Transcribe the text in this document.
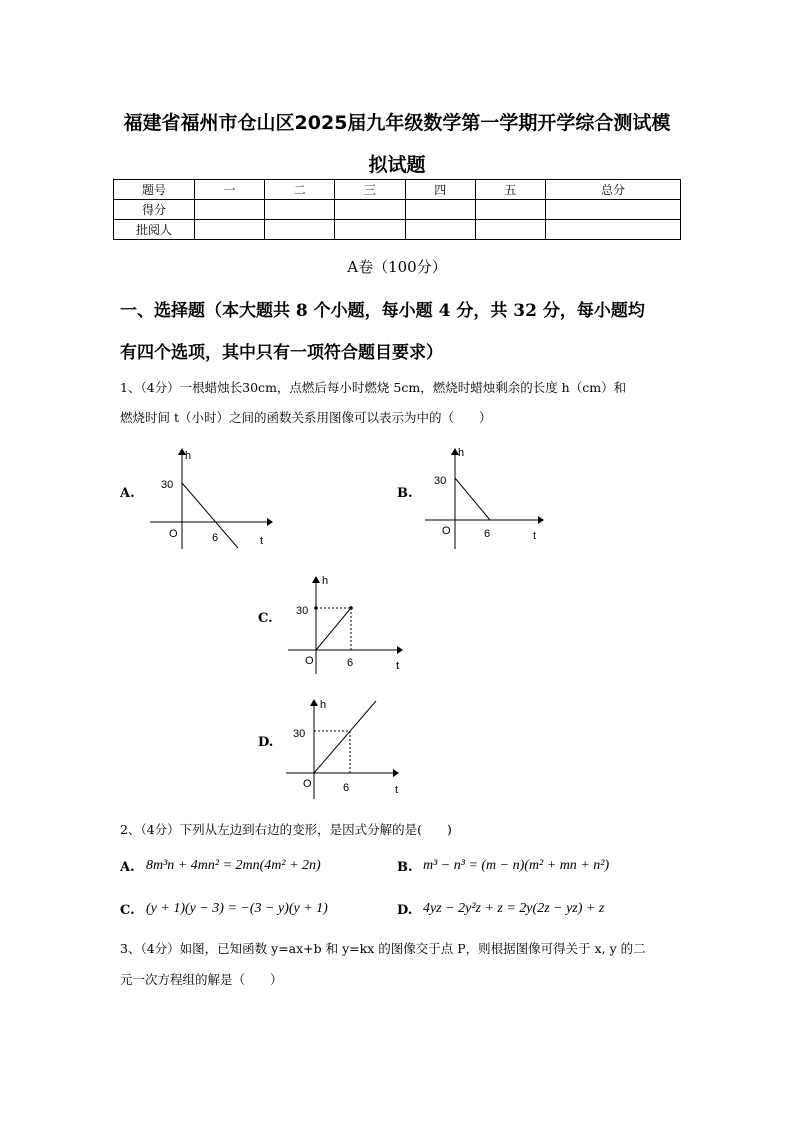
福建省福州市仓山区2025届九年级数学第一学期开学综合测试模
拟试题
题号	一	二	三	四	五	总分
得分						
批阅人						
A卷（100分）
一、选择题（本大题共 8 个小题，每小题 4 分，共 32 分，每小题均
有四个选项，其中只有一项符合题目要求）
1、（4分）一根蜡烛长30cm，点燃后每小时燃烧 5cm，燃烧时蜡烛剩余的长度 h（cm）和
燃烧时间 t（小时）之间的函数关系用图像可以表示为中的（　　）
A.
h
30
O	6	t
B.
h
30
O	6	t
C.
h
30
O	6	t
D.
h
30
O	6	t
2、（4分）下列从左边到右边的变形，是因式分解的是(　　)
A. 8m³n + 4mn² = 2mn(4m² + 2n)	B. m³ − n³ = (m − n)(m² + mn + n²)
C. (y + 1)(y − 3) = −(3 − y)(y + 1)	D. 4yz − 2y²z + z = 2y(2z − yz) + z
3、（4分）如图，已知函数 y=ax+b 和 y=kx 的图像交于点 P，则根据图像可得关于 x, y 的二
元一次方程组的解是（　　）
